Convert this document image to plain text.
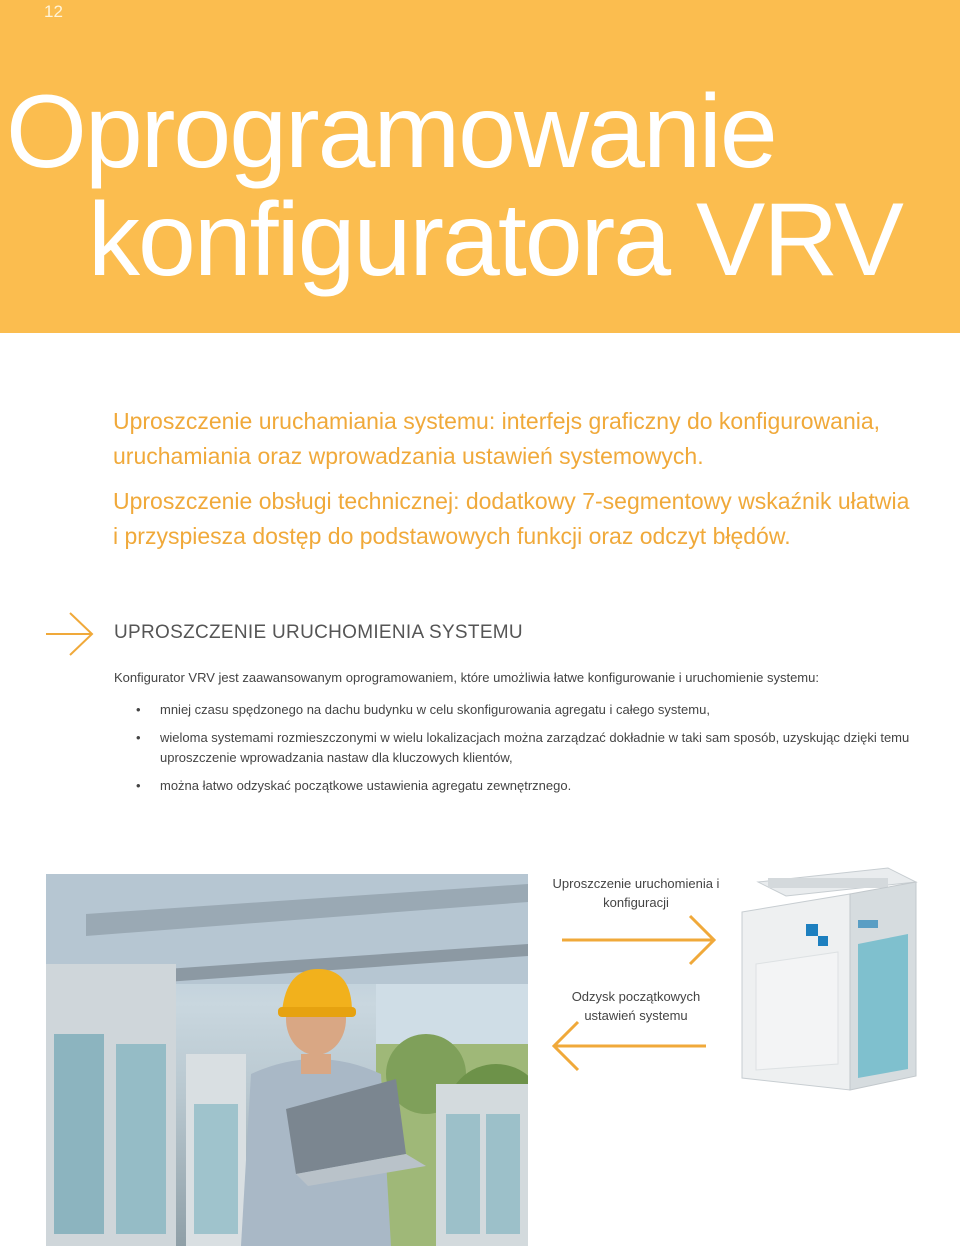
12
Oprogramowanie
konfiguratora VRV

Uproszczenie uruchamiania systemu: interfejs graficzny do konfigurowania, uruchamiania oraz wprowadzania ustawień systemowych.

Uproszczenie obsługi technicznej: dodatkowy 7-segmentowy wskaźnik ułatwia i przyspiesza dostęp do podstawowych funkcji oraz odczyt błędów.

UPROSZCZENIE URUCHOMIENIA SYSTEMU

Konfigurator VRV jest zaawansowanym oprogramowaniem, które umożliwia łatwe konfigurowanie i uruchomienie systemu:

• mniej czasu spędzonego na dachu budynku w celu skonfigurowania agregatu i całego systemu,
• wieloma systemami rozmieszczonymi w wielu lokalizacjach można zarządzać dokładnie w taki sam sposób, uzyskując dzięki temu uproszczenie wprowadzania nastaw dla kluczowych klientów,
• można łatwo odzyskać początkowe ustawienia agregatu zewnętrznego.
Uproszczenie uruchomienia i konfiguracji
Odzysk początkowych ustawień systemu
